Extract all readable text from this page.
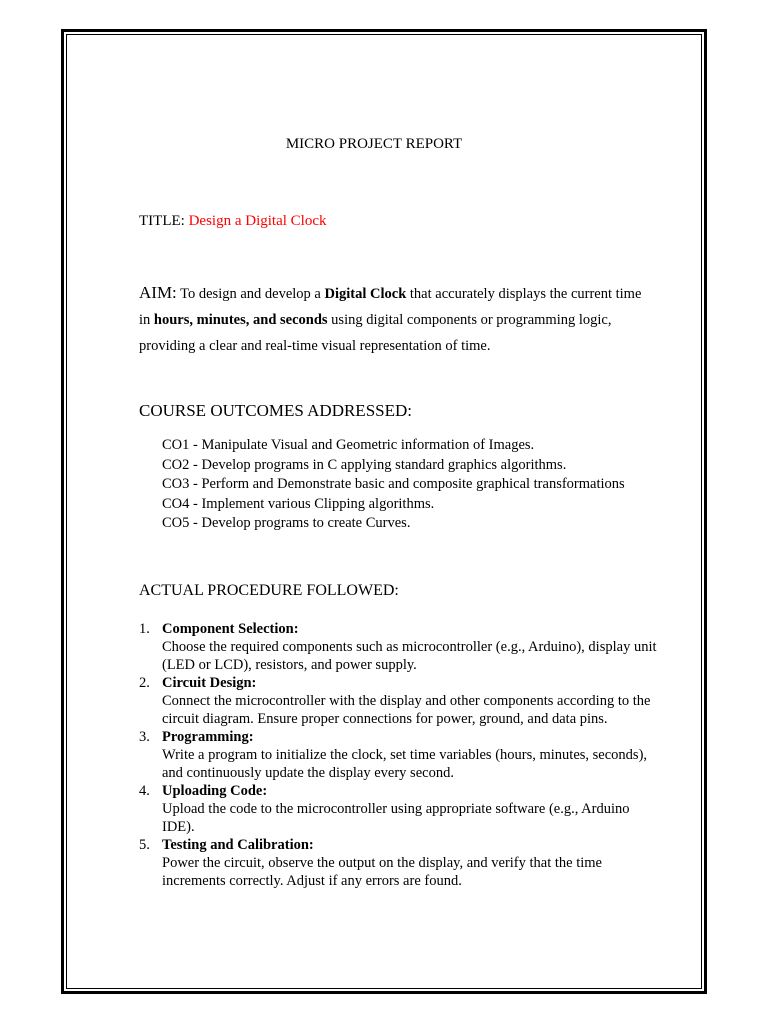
MICRO PROJECT REPORT
TITLE: Design a Digital Clock
AIM: To design and develop a Digital Clock that accurately displays the current time in hours, minutes, and seconds using digital components or programming logic, providing a clear and real-time visual representation of time.
COURSE OUTCOMES ADDRESSED:
CO1 - Manipulate Visual and Geometric information of Images.
CO2 - Develop programs in C applying standard graphics algorithms.
CO3 - Perform and Demonstrate basic and composite graphical transformations
CO4 - Implement various Clipping algorithms.
CO5 - Develop programs to create Curves.
ACTUAL PROCEDURE FOLLOWED:
1. Component Selection:
Choose the required components such as microcontroller (e.g., Arduino), display unit (LED or LCD), resistors, and power supply.
2. Circuit Design:
Connect the microcontroller with the display and other components according to the circuit diagram. Ensure proper connections for power, ground, and data pins.
3. Programming:
Write a program to initialize the clock, set time variables (hours, minutes, seconds), and continuously update the display every second.
4. Uploading Code:
Upload the code to the microcontroller using appropriate software (e.g., Arduino IDE).
5. Testing and Calibration:
Power the circuit, observe the output on the display, and verify that the time increments correctly. Adjust if any errors are found.
